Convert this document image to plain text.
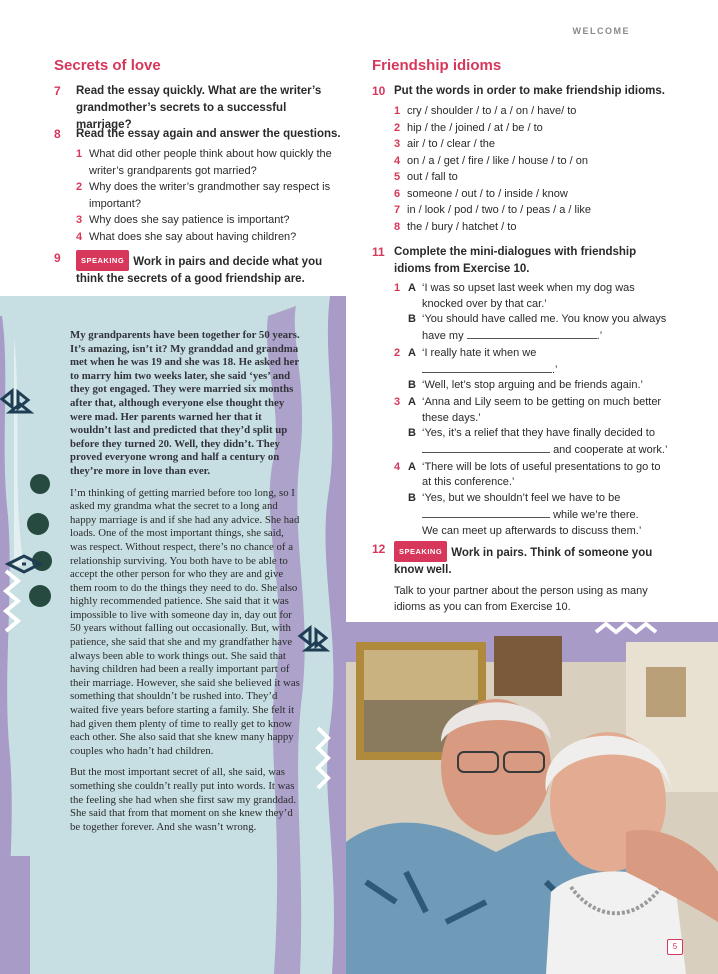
WELCOME
Secrets of love
7 Read the essay quickly. What are the writer’s grandmother’s secrets to a successful marriage?
8 Read the essay again and answer the questions.
1 What did other people think about how quickly the writer’s grandparents got married?
2 Why does the writer’s grandmother say respect is important?
3 Why does she say patience is important?
4 What does she say about having children?
9	SPEAKING Work in pairs and decide what you think the secrets of a good friendship are.

My grandparents have been together for 50 years. It’s amazing, isn’t it? My granddad and grandma met when he was 19 and she was 18. He asked her to marry him two weeks later, she said ‘yes’ and they got engaged. They were married six months after that, although everyone else thought they were mad. Her parents warned her that it wouldn’t last and predicted that they’d split up before they turned 20. Well, they didn’t. They proved everyone wrong and half a century on they’re more in love than ever.

I’m thinking of getting married before too long, so I asked my grandma what the secret to a long and happy marriage is and if she had any advice. She had loads. One of the most important things, she said, was respect. Without respect, there’s no chance of a relationship surviving. You both have to be able to accept the other person for who they are and give them room to do the things they need to do. She also highly recommended patience. She said that it was impossible to live with someone day in, day out for 50 years without falling out occasionally. But, with patience, she said that she and my grandfather have always been able to work things out. She said that having children had been a really important part of their marriage. However, she said she believed it was something that shouldn’t be rushed into. They’d waited five years before starting a family. She felt it had given them plenty of time to really get to know each other. She also said that she knew many happy couples who hadn’t had children.

But the most important secret of all, she said, was something she couldn’t really put into words. It was the feeling she had when she first saw my granddad. She said that from that moment on she knew they’d be together forever. And she wasn’t wrong.

Friendship idioms
10 Put the words in order to make friendship idioms.
1 cry / shoulder / to / a / on / have/ to
2 hip / the / joined / at / be / to
3 air / to / clear / the
4 on / a / get / fire / like / house / to / on
5 out / fall to
6 someone / out / to / inside / know
7 in / look / pod / two / to / peas / a / like
8 the / bury / hatchet / to
11 Complete the mini-dialogues with friendship idioms from Exercise 10.
1 A ‘I was so upset last week when my dog was knocked over by that car.’
B ‘You should have called me. You know you always have my	.’
2 A ‘I really hate it when we
.’
B ‘Well, let’s stop arguing and be friends again.’
3 A ‘Anna and Lily seem to be getting on much better these days.’
B ‘Yes, it’s a relief that they have finally decided to
and cooperate at work.’
4 A ‘There will be lots of useful presentations to go to at this conference.’
B ‘Yes, but we shouldn’t feel we have to be
while we’re there.
We can meet up afterwards to discuss them.’
12	SPEAKING Work in pairs. Think of someone you know well.
Talk to your partner about the person using as many idioms as you can from Exercise 10.
5
